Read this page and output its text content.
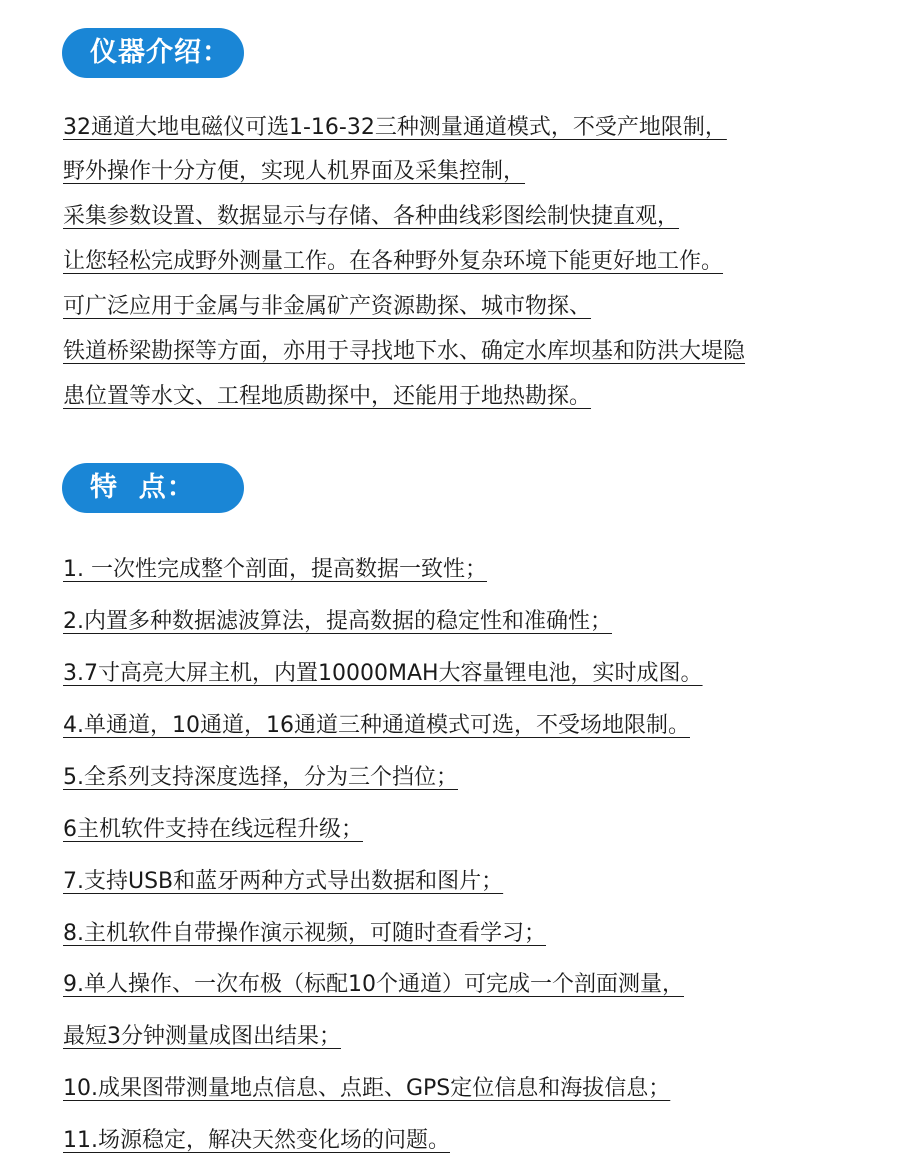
仪器介绍：
32通道大地电磁仪可选1-16-32三种测量通道模式，不受产地限制，
野外操作十分方便，实现人机界面及采集控制，
采集参数设置、数据显示与存储、各种曲线彩图绘制快捷直观，
让您轻松完成野外测量工作。在各种野外复杂环境下能更好地工作。
可广泛应用于金属与非金属矿产资源勘探、城市物探、
铁道桥梁勘探等方面，亦用于寻找地下水、确定水库坝基和防洪大堤隐
患位置等水文、工程地质勘探中，还能用于地热勘探。
特  点：
1. 一次性完成整个剖面，提高数据一致性；
2.内置多种数据滤波算法，提高数据的稳定性和准确性；
3.7寸高亮大屏主机，内置10000MAH大容量锂电池，实时成图。
4.单通道，10通道，16通道三种通道模式可选，不受场地限制。
5.全系列支持深度选择，分为三个挡位；
6主机软件支持在线远程升级；
7.支持USB和蓝牙两种方式导出数据和图片；
8.主机软件自带操作演示视频，可随时查看学习；
9.单人操作、一次布极（标配10个通道）可完成一个剖面测量，
最短3分钟测量成图出结果；
10.成果图带测量地点信息、点距、GPS定位信息和海拔信息；
11.场源稳定，解决天然变化场的问题。
